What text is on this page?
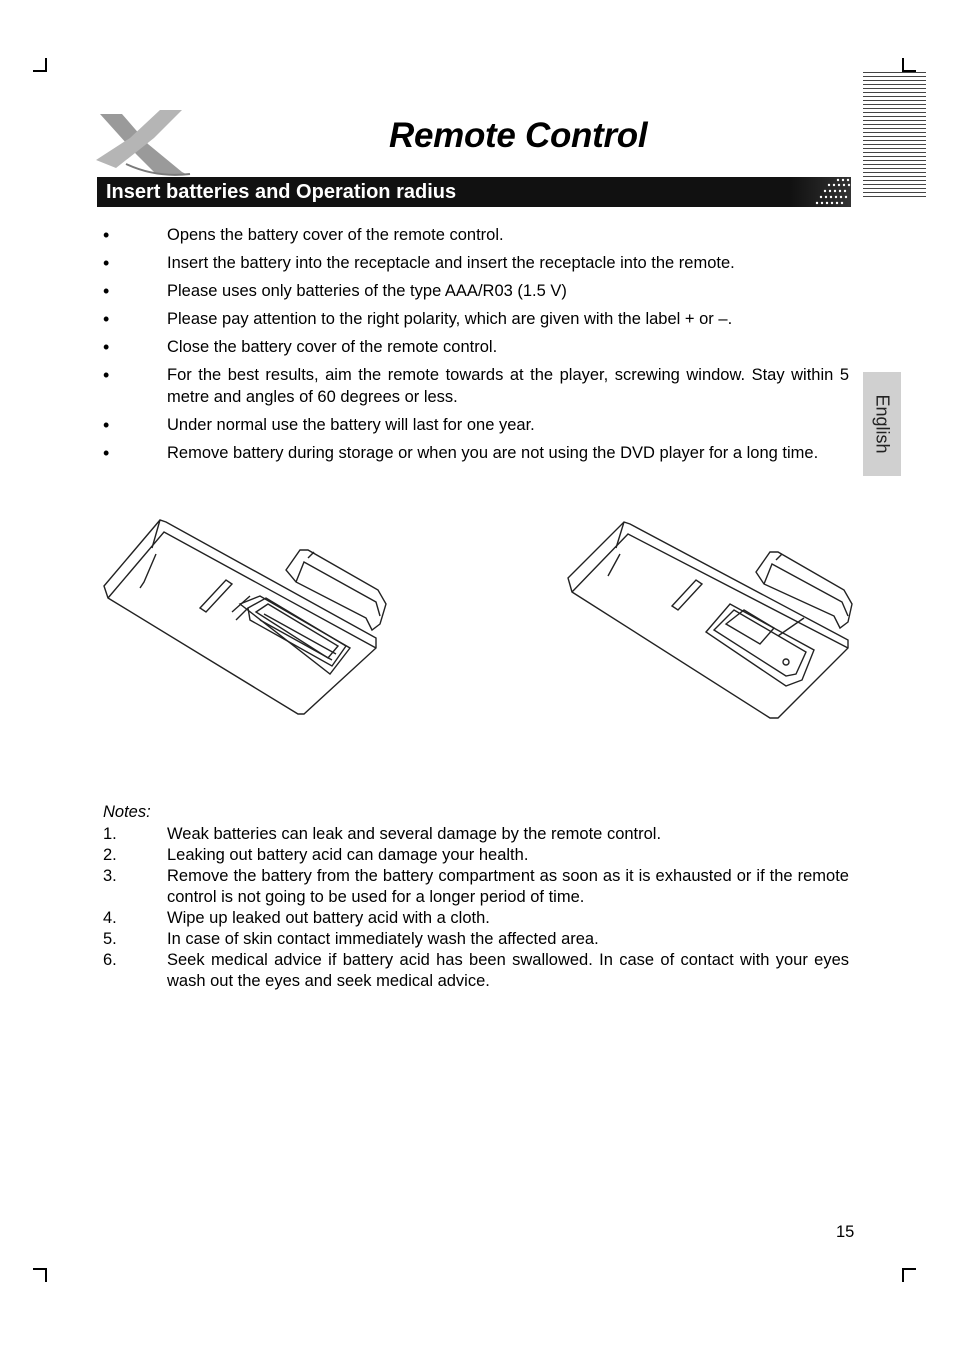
Remote Control
Insert batteries and Operation radius
English
• Opens the battery cover of the remote control.
• Insert the battery into the receptacle and insert the receptacle into the remote.
• Please uses only batteries of the type AAA/R03 (1.5 V)
• Please pay attention to the right polarity, which are given with the label + or –.
• Close the battery cover of the remote control.
• For the best results, aim the remote towards at the player, screwing window. Stay within 5 metre and angles of 60 degrees or less.
• Under normal use the battery will last for one year.
• Remove battery during storage or when you are not using the DVD player for a long time.

Notes:

1.	Weak batteries can leak and several damage by the remote control.
2.	Leaking out battery acid can damage your health.
3.	Remove the battery from the battery compartment as soon as it is exhausted or if the remote control is not going to be used for a longer period of time.
4.	Wipe up leaked out battery acid with a cloth.
5.	In case of skin contact immediately wash the affected area.
6.	Seek medical advice if battery acid has been swallowed. In case of contact with your eyes wash out the eyes and seek medical advice.
15
